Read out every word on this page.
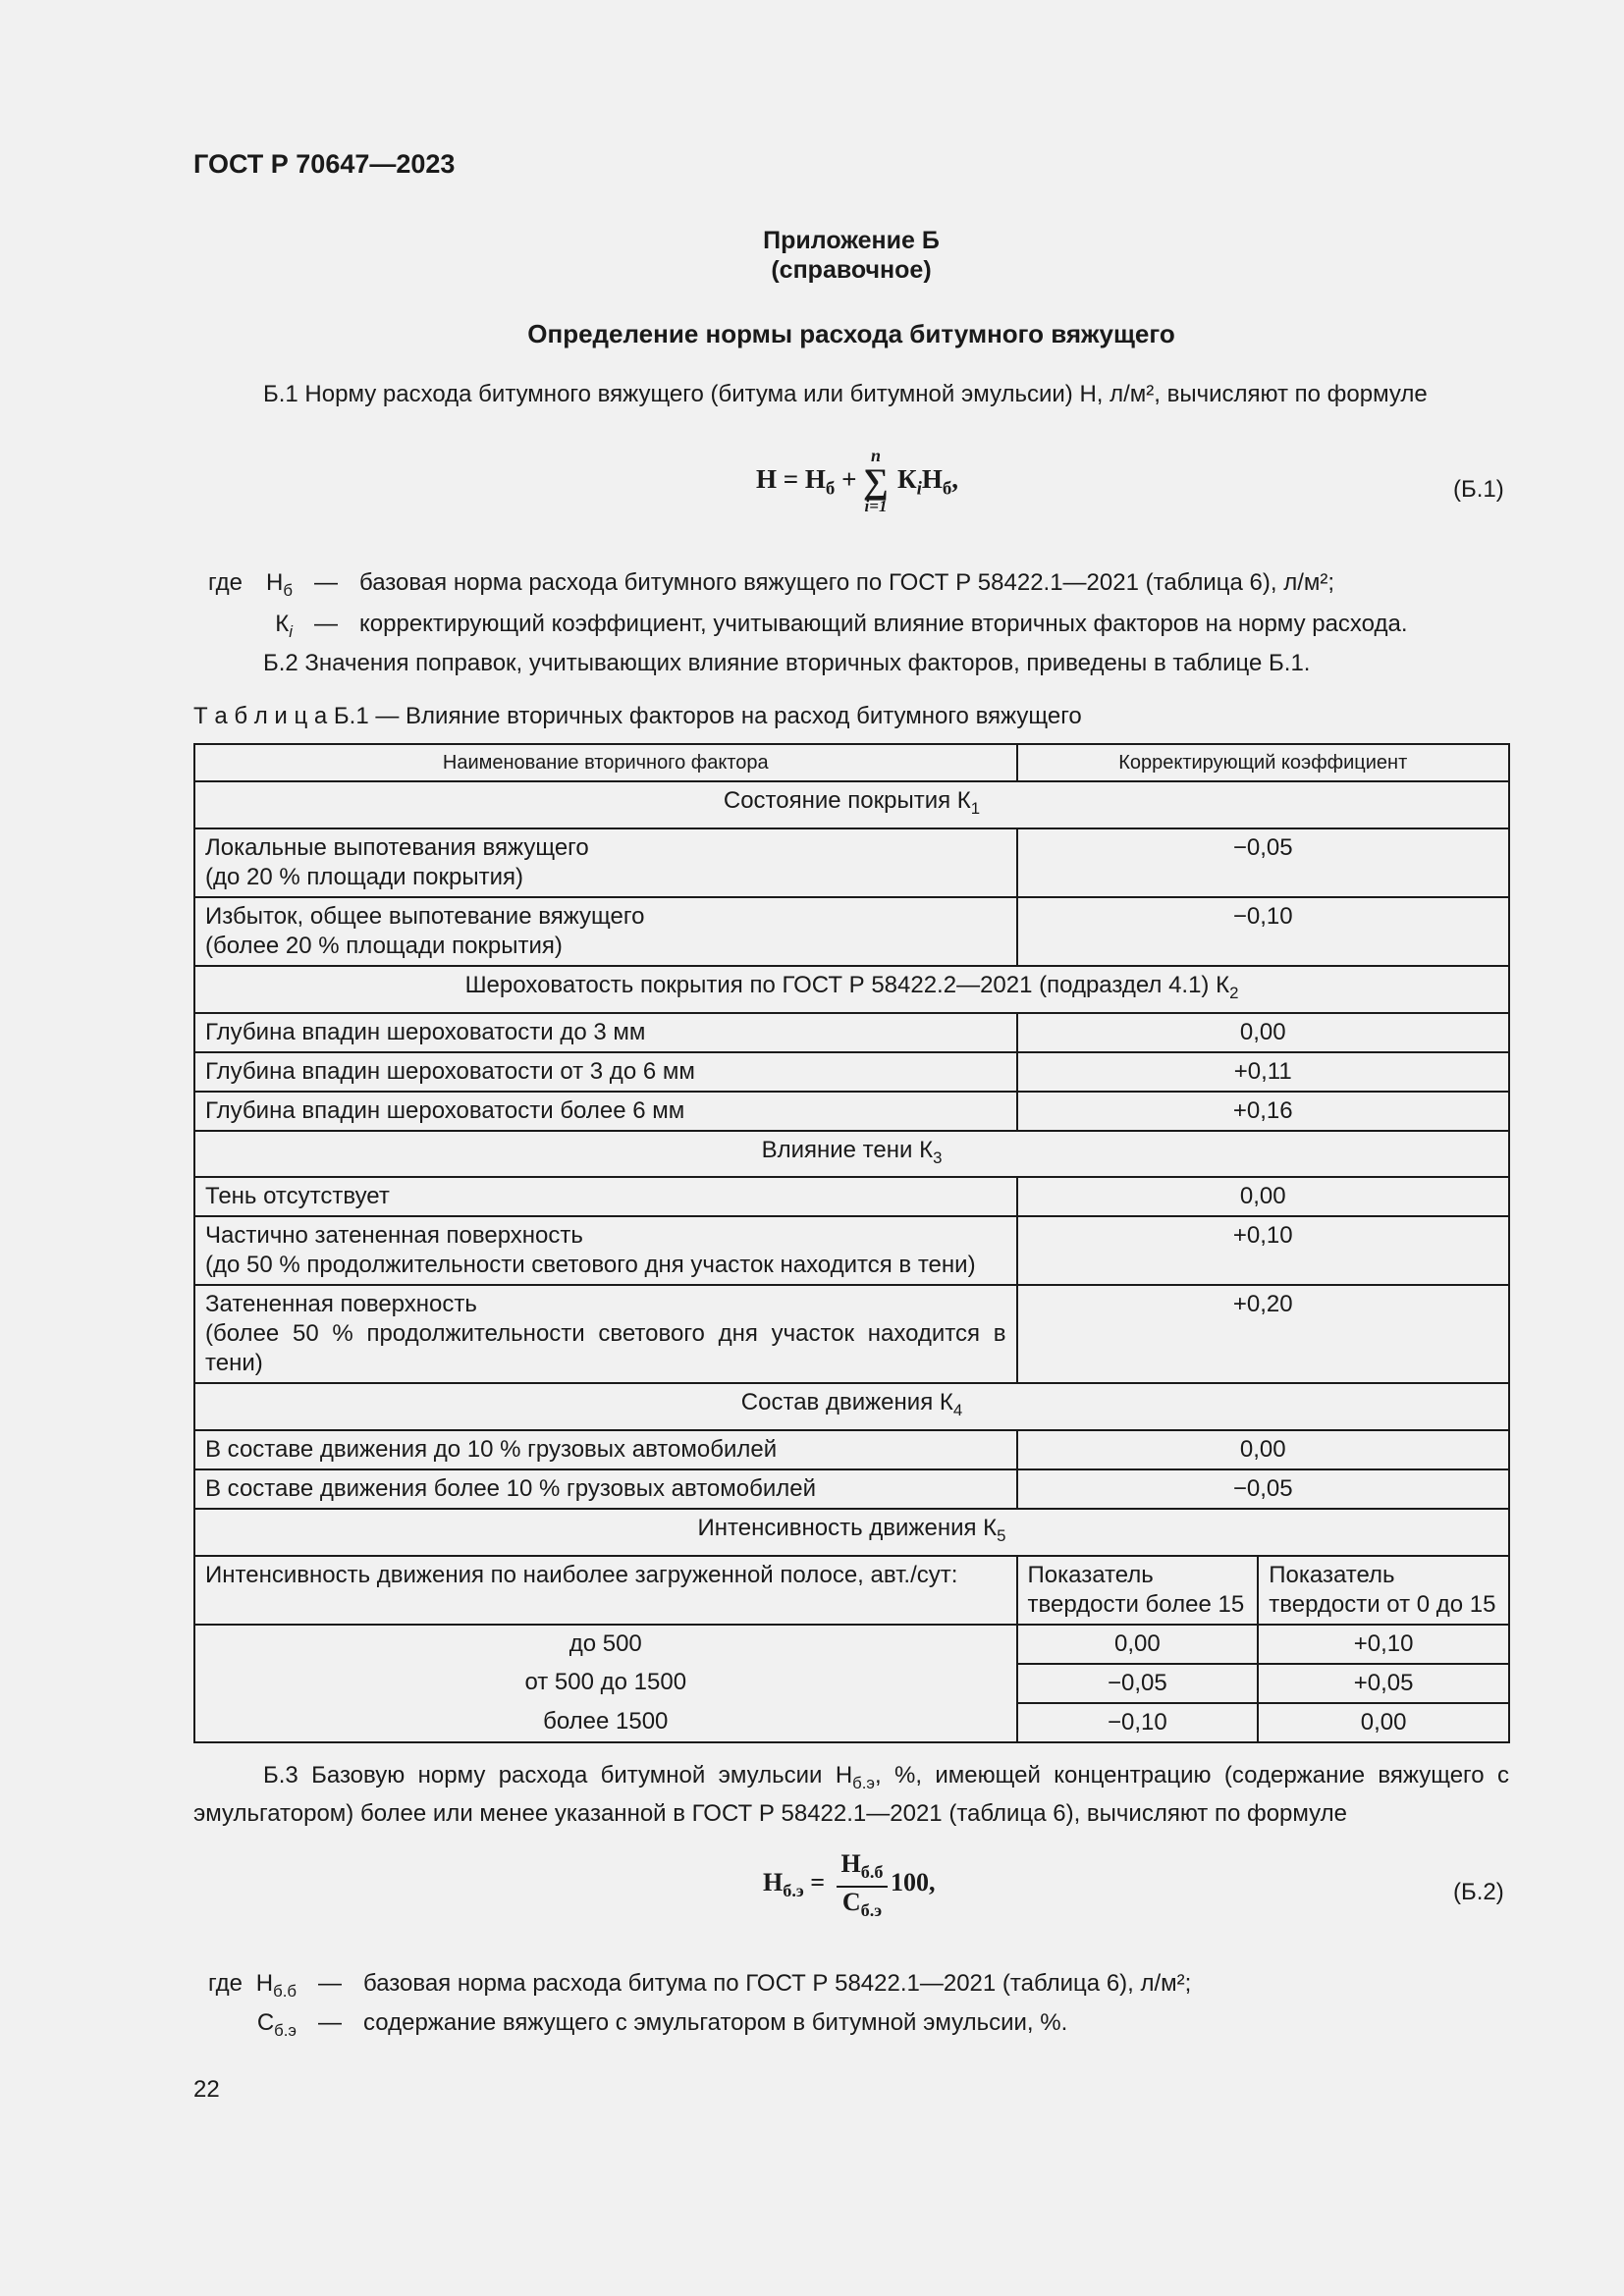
ГОСТ Р 70647—2023
Приложение Б
(справочное)
Определение нормы расхода битумного вяжущего
Б.1 Норму расхода битумного вяжущего (битума или битумной эмульсии) Н, л/м², вычисляют по формуле
$Н = Н_б$ +
n
∑
i=1
$К_iН_б$,	(Б.1)
где	$Н_б$ — базовая норма расхода битумного вяжущего по ГОСТ Р 58422.1—2021 (таблица 6), л/м²;
$К_i$ — корректирующий коэффициент, учитывающий влияние вторичных факторов на норму расхода.
Б.2 Значения поправок, учитывающих влияние вторичных факторов, приведены в таблице Б.1.
Т а б л и ц а Б.1 — Влияние вторичных факторов на расход битумного вяжущего
Наименование вторичного фактора	Корректирующий коэффициент	
Состояние покрытия $К_1$

Локальные выпотевания вяжущего
(до 20 % площади покрытия)	−0,05	

Избыток, общее выпотевание вяжущего
(более 20 % площади покрытия)	−0,10	
Шероховатость покрытия по ГОСТ Р 58422.2—2021 (подраздел 4.1) $К_2$
Глубина впадин шероховатости до 3 мм	0,00	
Глубина впадин шероховатости от 3 до 6 мм	+0,11	
Глубина впадин шероховатости более 6 мм	+0,16	
Влияние тени $К_3$
Тень отсутствует	0,00	

Частично затененная поверхность
(до 50 % продолжительности светового дня участок находится в тени)	+0,10	

Затененная поверхность
(более 50 % продолжительности светового дня участок находится в тени)	+0,20	
Состав движения $К_4$
В составе движения до 10 % грузовых автомобилей	0,00	
В составе движения более 10 % грузовых автомобилей	−0,05	
Интенсивность движения $К_5$
Интенсивность движения по наиболее загруженной полосе, авт./сут:	Показатель твердости более 15	Показатель твердости от 0 до 15
до 500	0,00	+0,10
от 500 до 1500	−0,05	+0,05
более 1500	−0,10	0,00
Б.3 Базовую норму расхода битумной эмульсии $Н_{б.э}$, %, имеющей концентрацию (содержание вяжущего с эмульгатором) более или менее указанной в ГОСТ Р 58422.1—2021 (таблица 6), вычисляют по формуле
$Н_{б.э}$ =
$Н_{б.б}$
$С_{б.э}$
100,	(Б.2)
где $Н_{б.б}$ — базовая норма расхода битума по ГОСТ Р 58422.1—2021 (таблица 6), л/м²;
$С_{б.э}$ — содержание вяжущего с эмульгатором в битумной эмульсии, %.
22
